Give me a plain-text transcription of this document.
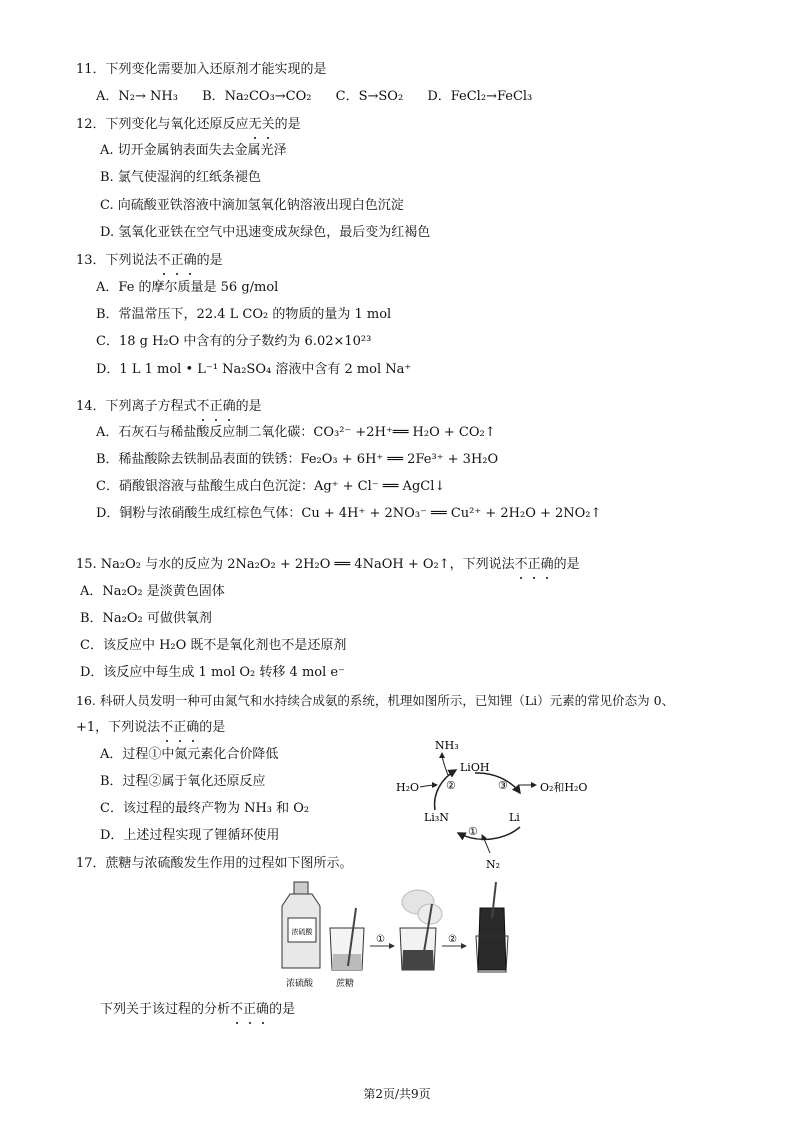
11．下列变化需要加入还原剂才能实现的是
A．N₂→ NH₃ B．Na₂CO₃→CO₂ C．S→SO₂ D．FeCl₂→FeCl₃
12．下列变化与氧化还原反应无关的是
A. 切开金属钠表面失去金属光泽
B. 氯气使湿润的红纸条褪色
C. 向硫酸亚铁溶液中滴加氢氧化钠溶液出现白色沉淀
D. 氢氧化亚铁在空气中迅速变成灰绿色，最后变为红褐色
13．下列说法不正确的是
A．Fe 的摩尔质量是 56 g/mol
B．常温常压下，22.4 L CO₂ 的物质的量为 1 mol
C．18 g H₂O 中含有的分子数约为 6.02×10²³
D．1 L 1 mol • L⁻¹ Na₂SO₄ 溶液中含有 2 mol Na⁺
14．下列离子方程式不正确的是
A．石灰石与稀盐酸反应制二氧化碳：CO₃²⁻ +2H⁺══ H₂O + CO₂↑
B．稀盐酸除去铁制品表面的铁锈：Fe₂O₃ + 6H⁺ ══ 2Fe³⁺ + 3H₂O
C．硝酸银溶液与盐酸生成白色沉淀：Ag⁺ + Cl⁻ ══ AgCl↓
D．铜粉与浓硝酸生成红棕色气体：Cu + 4H⁺ + 2NO₃⁻ ══ Cu²⁺ + 2H₂O + 2NO₂↑
15. Na₂O₂ 与水的反应为 2Na₂O₂ + 2H₂O ══ 4NaOH + O₂↑，下列说法不正确的是
A．Na₂O₂ 是淡黄色固体
B．Na₂O₂ 可做供氧剂
C．该反应中 H₂O 既不是氧化剂也不是还原剂
D．该反应中每生成 1 mol O₂ 转移 4 mol e⁻
16. 科研人员发明一种可由氮气和水持续合成氨的系统，机理如图所示，已知锂（Li）元素的常见价态为 0、
+1，下列说法不正确的是
A．过程①中氮元素化合价降低
B．过程②属于氧化还原反应
C．该过程的最终产物为 NH₃ 和 O₂
D．上述过程实现了锂循环使用
NH₃
LiOH
H₂O	O₂和H₂O
Li₃N	Li
N₂
②	③
①
17．蔗糖与浓硫酸发生作用的过程如下图所示。
浓硫酸
①	②
浓硫酸	蔗糖
下列关于该过程的分析不正确的是
第2页/共9页
